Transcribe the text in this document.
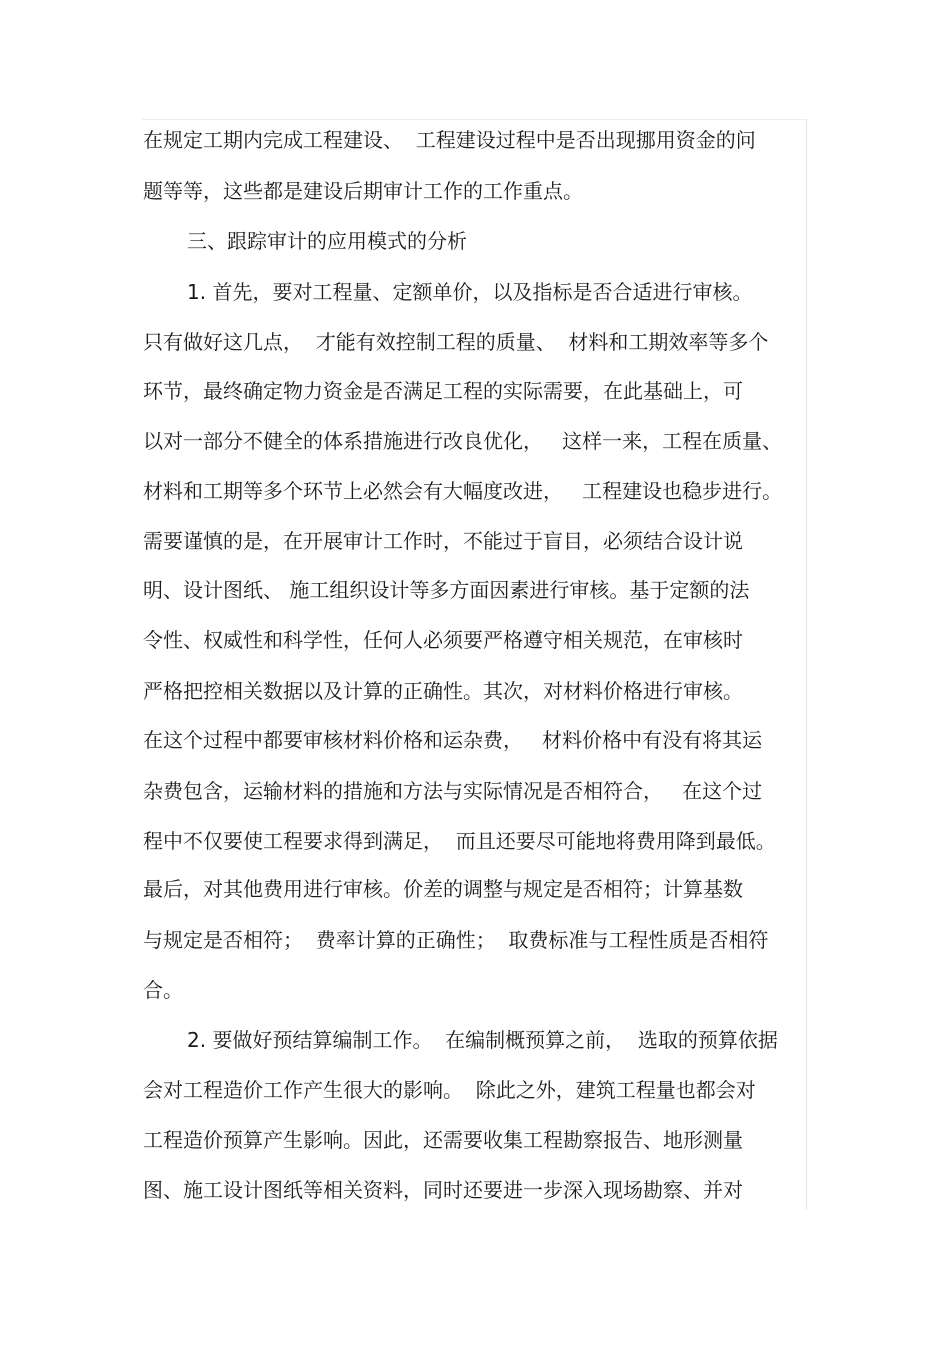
在规定工期内完成工程建设、  工程建设过程中是否出现挪用资金的问
题等等，这些都是建设后期审计工作的工作重点。
三、跟踪审计的应用模式的分析
1. 首先，要对工程量、定额单价，以及指标是否合适进行审核。
只有做好这几点，  才能有效控制工程的质量、  材料和工期效率等多个
环节，最终确定物力资金是否满足工程的实际需要，在此基础上，可
以对一部分不健全的体系措施进行改良优化，   这样一来，工程在质量、
材料和工期等多个环节上必然会有大幅度改进，   工程建设也稳步进行。
需要谨慎的是，在开展审计工作时，不能过于盲目，必须结合设计说
明、设计图纸、 施工组织设计等多方面因素进行审核。基于定额的法
令性、权威性和科学性，任何人必须要严格遵守相关规范，在审核时
严格把控相关数据以及计算的正确性。其次，对材料价格进行审核。
在这个过程中都要审核材料价格和运杂费，   材料价格中有没有将其运
杂费包含，运输材料的措施和方法与实际情况是否相符合，   在这个过
程中不仅要使工程要求得到满足，  而且还要尽可能地将费用降到最低。
最后，对其他费用进行审核。价差的调整与规定是否相符；计算基数
与规定是否相符；  费率计算的正确性；  取费标准与工程性质是否相符
合。
2. 要做好预结算编制工作。  在编制概预算之前，  选取的预算依据
会对工程造价工作产生很大的影响。  除此之外，建筑工程量也都会对
工程造价预算产生影响。因此，还需要收集工程勘察报告、地形测量
图、施工设计图纸等相关资料，同时还要进一步深入现场勘察、并对
